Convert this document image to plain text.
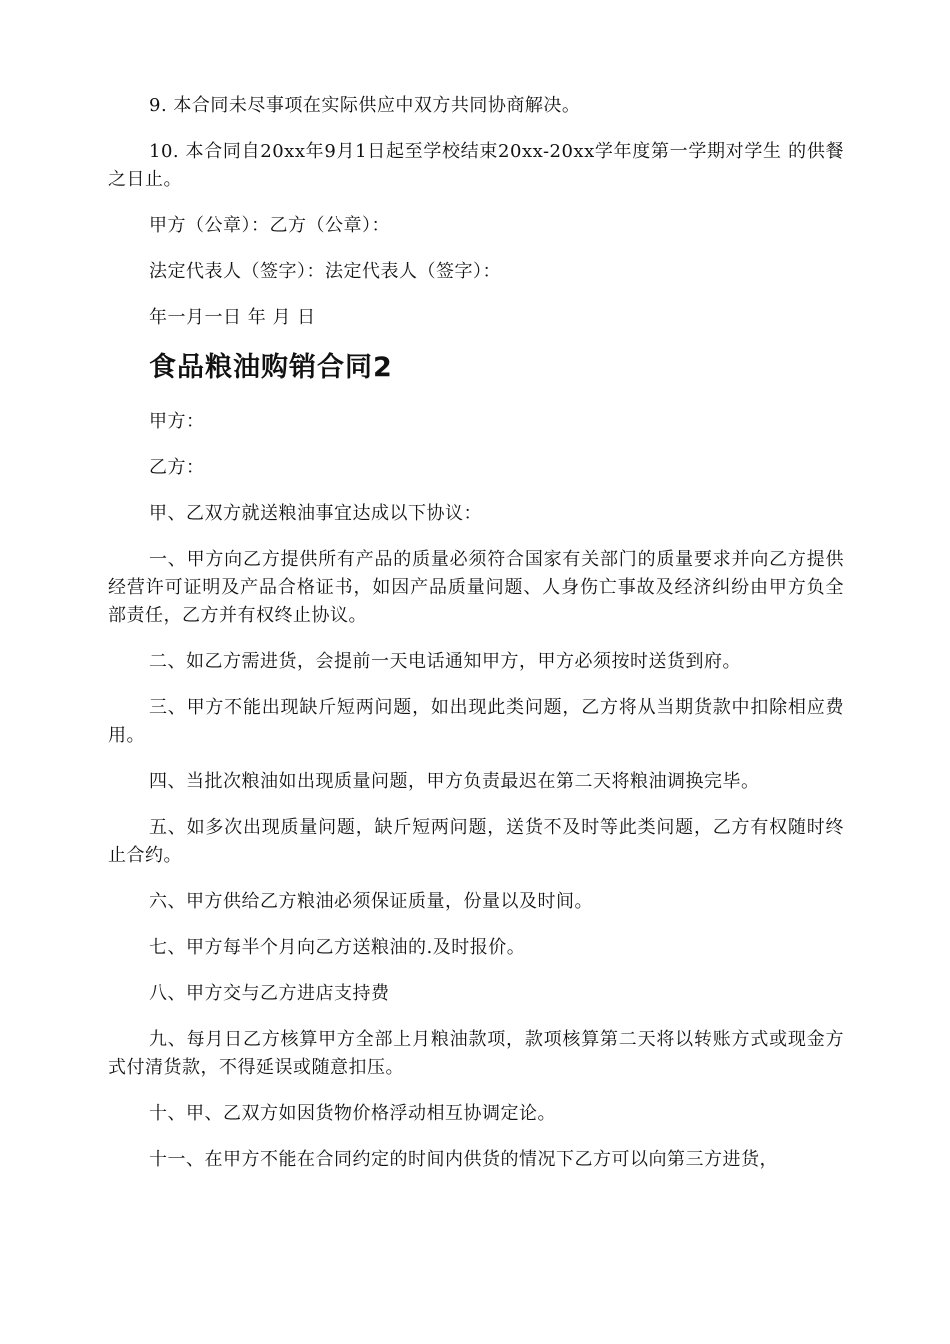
9. 本合同未尽事项在实际供应中双方共同协商解决。

10. 本合同自20xx年9月1日起至学校结束20xx-20xx学年度第一学期对学生 的供餐之日止。

甲方（公章）：乙方（公章）：

法定代表人（签字）：法定代表人（签字）：

年一月一日 年 月 日

食品粮油购销合同2

甲方：

乙方：

甲、乙双方就送粮油事宜达成以下协议：

一、甲方向乙方提供所有产品的质量必须符合国家有关部门的质量要求并向乙方提供经营许可证明及产品合格证书，如因产品质量问题、人身伤亡事故及经济纠纷由甲方负全部责任，乙方并有权终止协议。

二、如乙方需进货，会提前一天电话通知甲方，甲方必须按时送货到府。

三、甲方不能出现缺斤短两问题，如出现此类问题，乙方将从当期货款中扣除相应费用。

四、当批次粮油如出现质量问题，甲方负责最迟在第二天将粮油调换完毕。

五、如多次出现质量问题，缺斤短两问题，送货不及时等此类问题，乙方有权随时终止合约。

六、甲方供给乙方粮油必须保证质量，份量以及时间。

七、甲方每半个月向乙方送粮油的.及时报价。

八、甲方交与乙方进店支持费

九、每月日乙方核算甲方全部上月粮油款项，款项核算第二天将以转账方式或现金方式付清货款，不得延误或随意扣压。

十、甲、乙双方如因货物价格浮动相互协调定论。

十一、在甲方不能在合同约定的时间内供货的情况下乙方可以向第三方进货，
